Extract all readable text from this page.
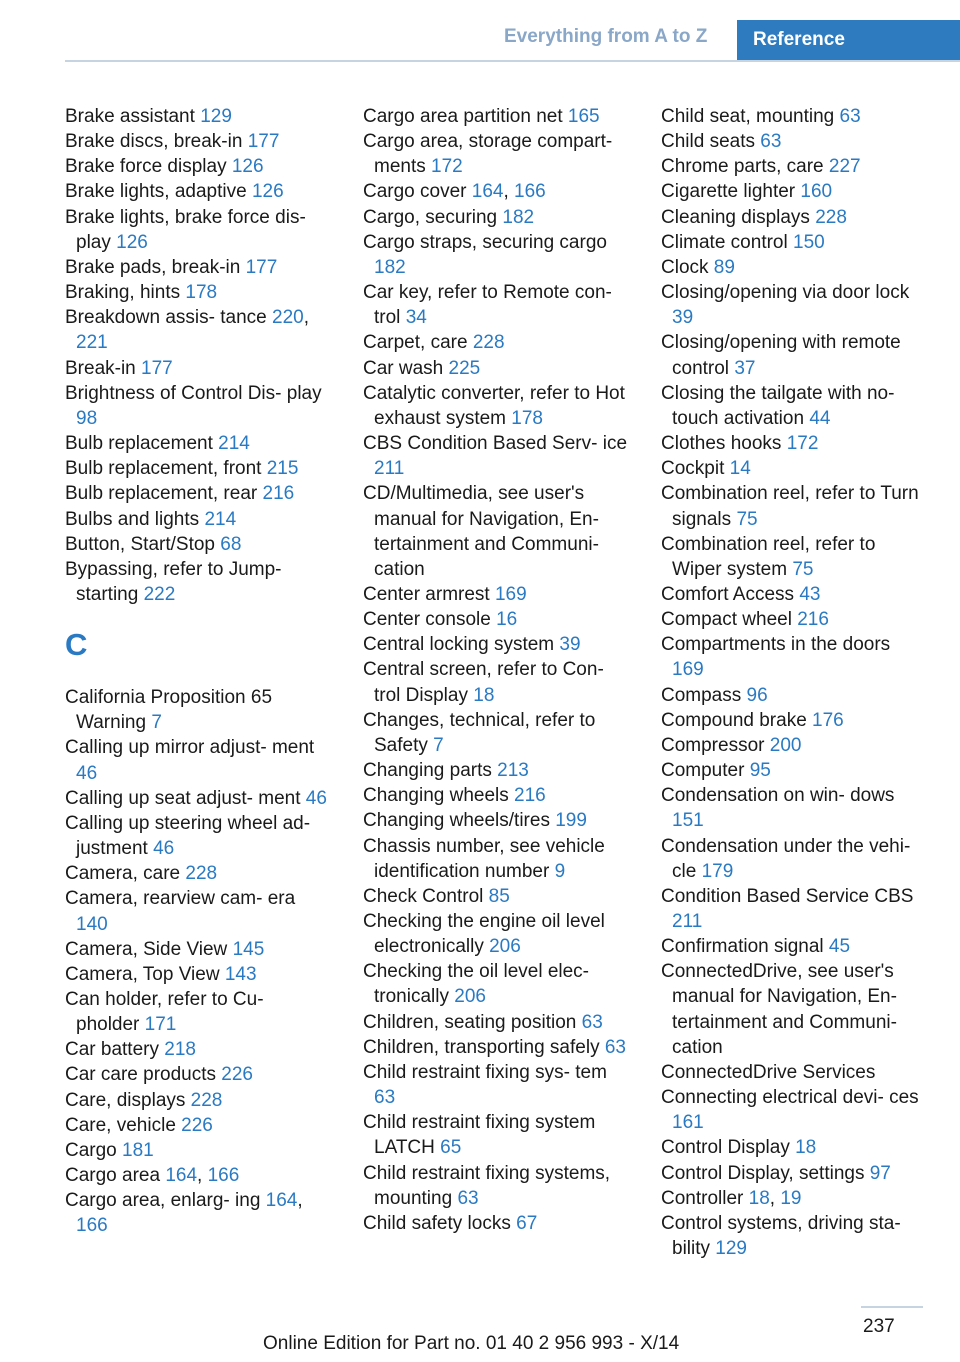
Everything from A to Z	Reference
Brake assistant 129
Brake discs, break-in 177
Brake force display 126
Brake lights, adaptive 126
Brake lights, brake force dis‐ play 126
Brake pads, break-in 177
Braking, hints 178
Breakdown assis‐ tance 220, 221
Break-in 177
Brightness of Control Dis‐ play 98
Bulb replacement 214
Bulb replacement, front 215
Bulb replacement, rear 216
Bulbs and lights 214
Button, Start/Stop 68
Bypassing, refer to Jump- starting 222
C
California Proposition 65 Warning 7
Calling up mirror adjust‐ ment 46
Calling up seat adjust‐ ment 46
Calling up steering wheel ad‐ justment 46
Camera, care 228
Camera, rearview cam‐ era 140
Camera, Side View 145
Camera, Top View 143
Can holder, refer to Cu‐ pholder 171
Car battery 218
Car care products 226
Care, displays 228
Care, vehicle 226
Cargo 181
Cargo area 164, 166
Cargo area, enlarg‐ ing 164, 166
Cargo area partition net 165
Cargo area, storage compart‐ ments 172
Cargo cover 164, 166
Cargo, securing 182
Cargo straps, securing cargo 182
Car key, refer to Remote con‐ trol 34
Carpet, care 228
Car wash 225
Catalytic converter, refer to Hot exhaust system 178
CBS Condition Based Serv‐ ice 211
CD/Multimedia, see user's manual for Navigation, En‐ tertainment and Communi‐ cation
Center armrest 169
Center console 16
Central locking system 39
Central screen, refer to Con‐ trol Display 18
Changes, technical, refer to Safety 7
Changing parts 213
Changing wheels 216
Changing wheels/tires 199
Chassis number, see vehicle identification number 9
Check Control 85
Checking the engine oil level electronically 206
Checking the oil level elec‐ tronically 206
Children, seating position 63
Children, transporting safely 63
Child restraint fixing sys‐ tem 63
Child restraint fixing system LATCH 65
Child restraint fixing systems, mounting 63
Child safety locks 67
Child seat, mounting 63
Child seats 63
Chrome parts, care 227
Cigarette lighter 160
Cleaning displays 228
Climate control 150
Clock 89
Closing/opening via door lock 39
Closing/opening with remote control 37
Closing the tailgate with no- touch activation 44
Clothes hooks 172
Cockpit 14
Combination reel, refer to Turn signals 75
Combination reel, refer to Wiper system 75
Comfort Access 43
Compact wheel 216
Compartments in the doors 169
Compass 96
Compound brake 176
Compressor 200
Computer 95
Condensation on win‐ dows 151
Condensation under the vehi‐ cle 179
Condition Based Service CBS 211
Confirmation signal 45
ConnectedDrive, see user's manual for Navigation, En‐ tertainment and Communi‐ cation
ConnectedDrive Services
Connecting electrical devi‐ ces 161
Control Display 18
Control Display, settings 97
Controller 18, 19
Control systems, driving sta‐ bility 129
237
Online Edition for Part no. 01 40 2 956 993 - X/14
